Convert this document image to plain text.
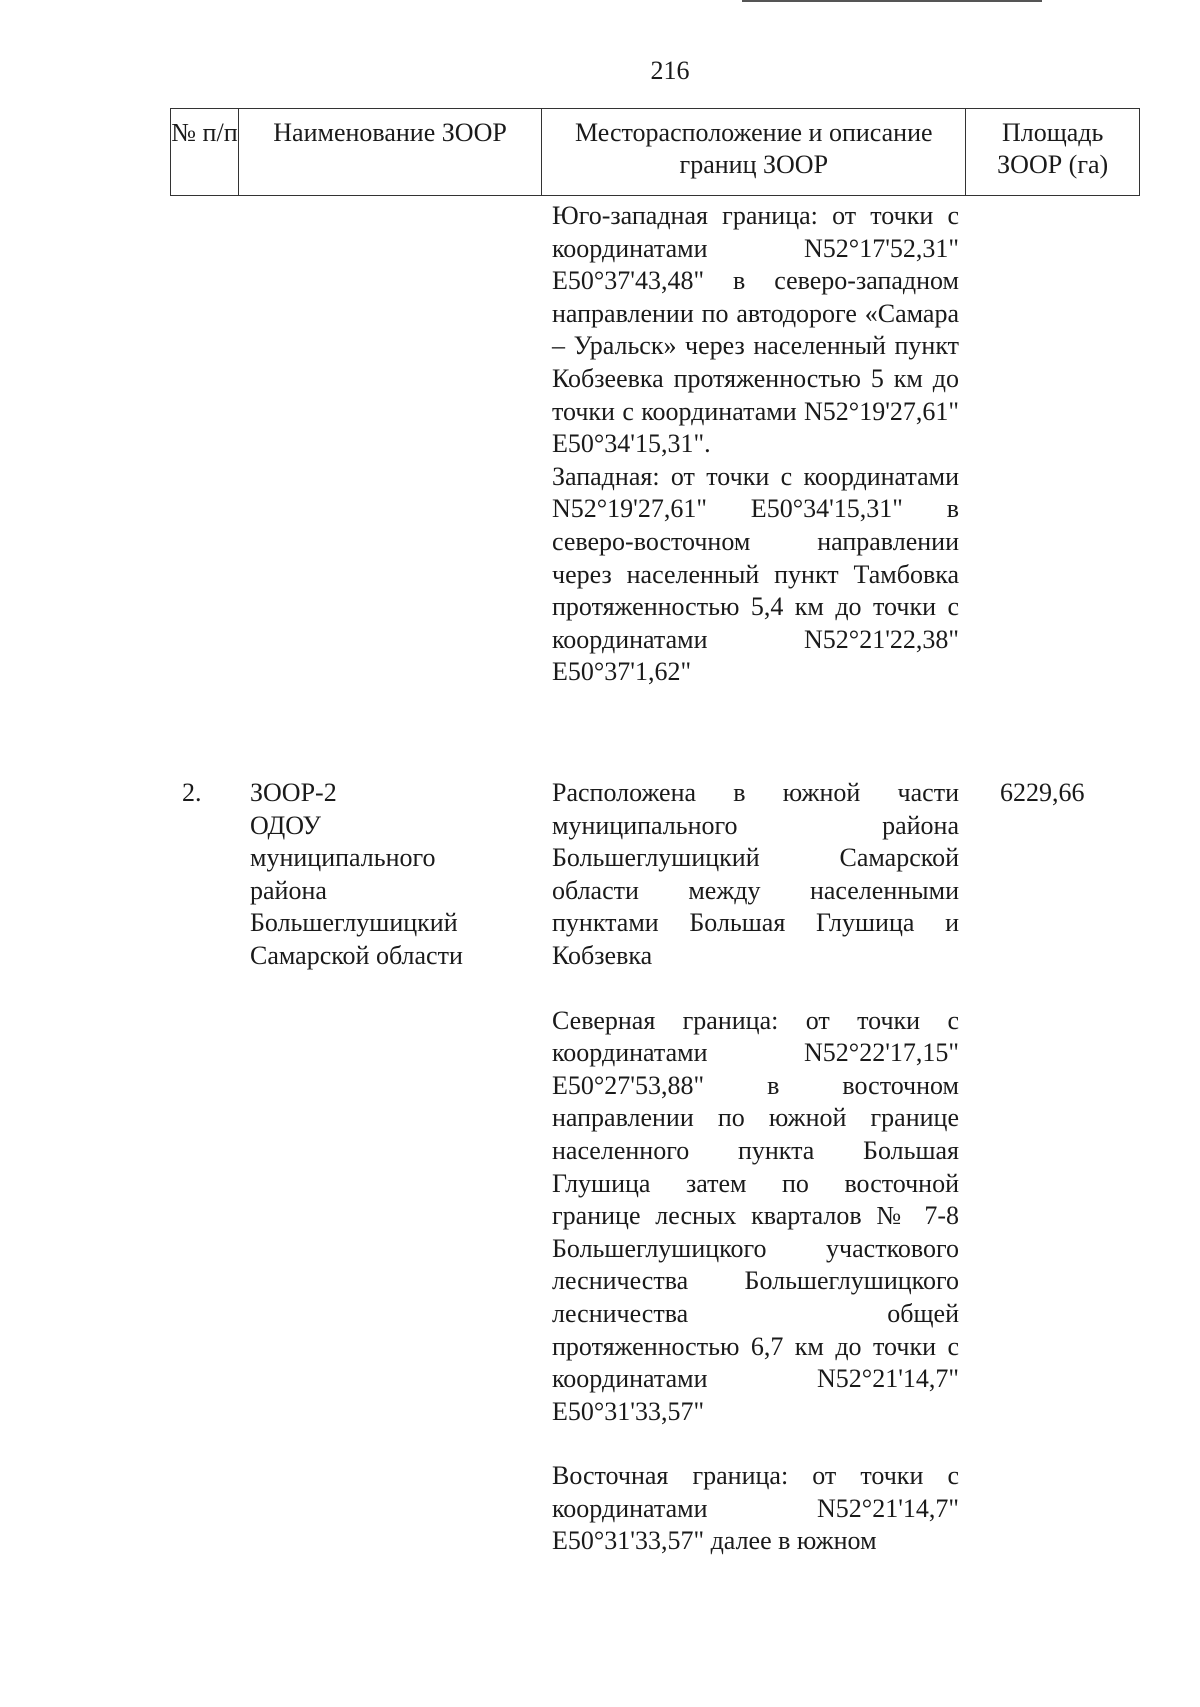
216
№ п/п	Наименование ЗООР	Месторасположение и описание границ ЗООР
Площадь ЗООР (га)
Юго-западная граница: от точки с координатами N52°17'52,31" E50°37'43,48" в северо-западном направлении по автодороге «Самара – Уральск» через населенный пункт Кобзеевка протяженностью 5 км до точки с координатами N52°19'27,61" E50°34'15,31".
Западная: от точки с координатами N52°19'27,61" E50°34'15,31" в северо-восточном направлении через населенный пункт Тамбовка протяженностью 5,4 км до точки с координатами N52°21'22,38" E50°37'1,62"
2. ЗООР-2
ОДОУ
муниципального
района
Большеглушицкий
Самарской области
6229,66
Расположена в южной части муниципального района Большеглушицкий Самарской области между населенными пунктами Большая Глушица и Кобзевка
Северная граница: от точки с координатами N52°22'17,15" E50°27'53,88" в восточном направлении по южной границе населенного пункта Большая Глушица затем по восточной границе лесных кварталов № 7-8 Большеглушицкого участкового лесничества Большеглушицкого лесничества общей протяженностью 6,7 км до точки с координатами N52°21'14,7" E50°31'33,57"
Восточная граница: от точки с координатами N52°21'14,7" E50°31'33,57" далее в южном
